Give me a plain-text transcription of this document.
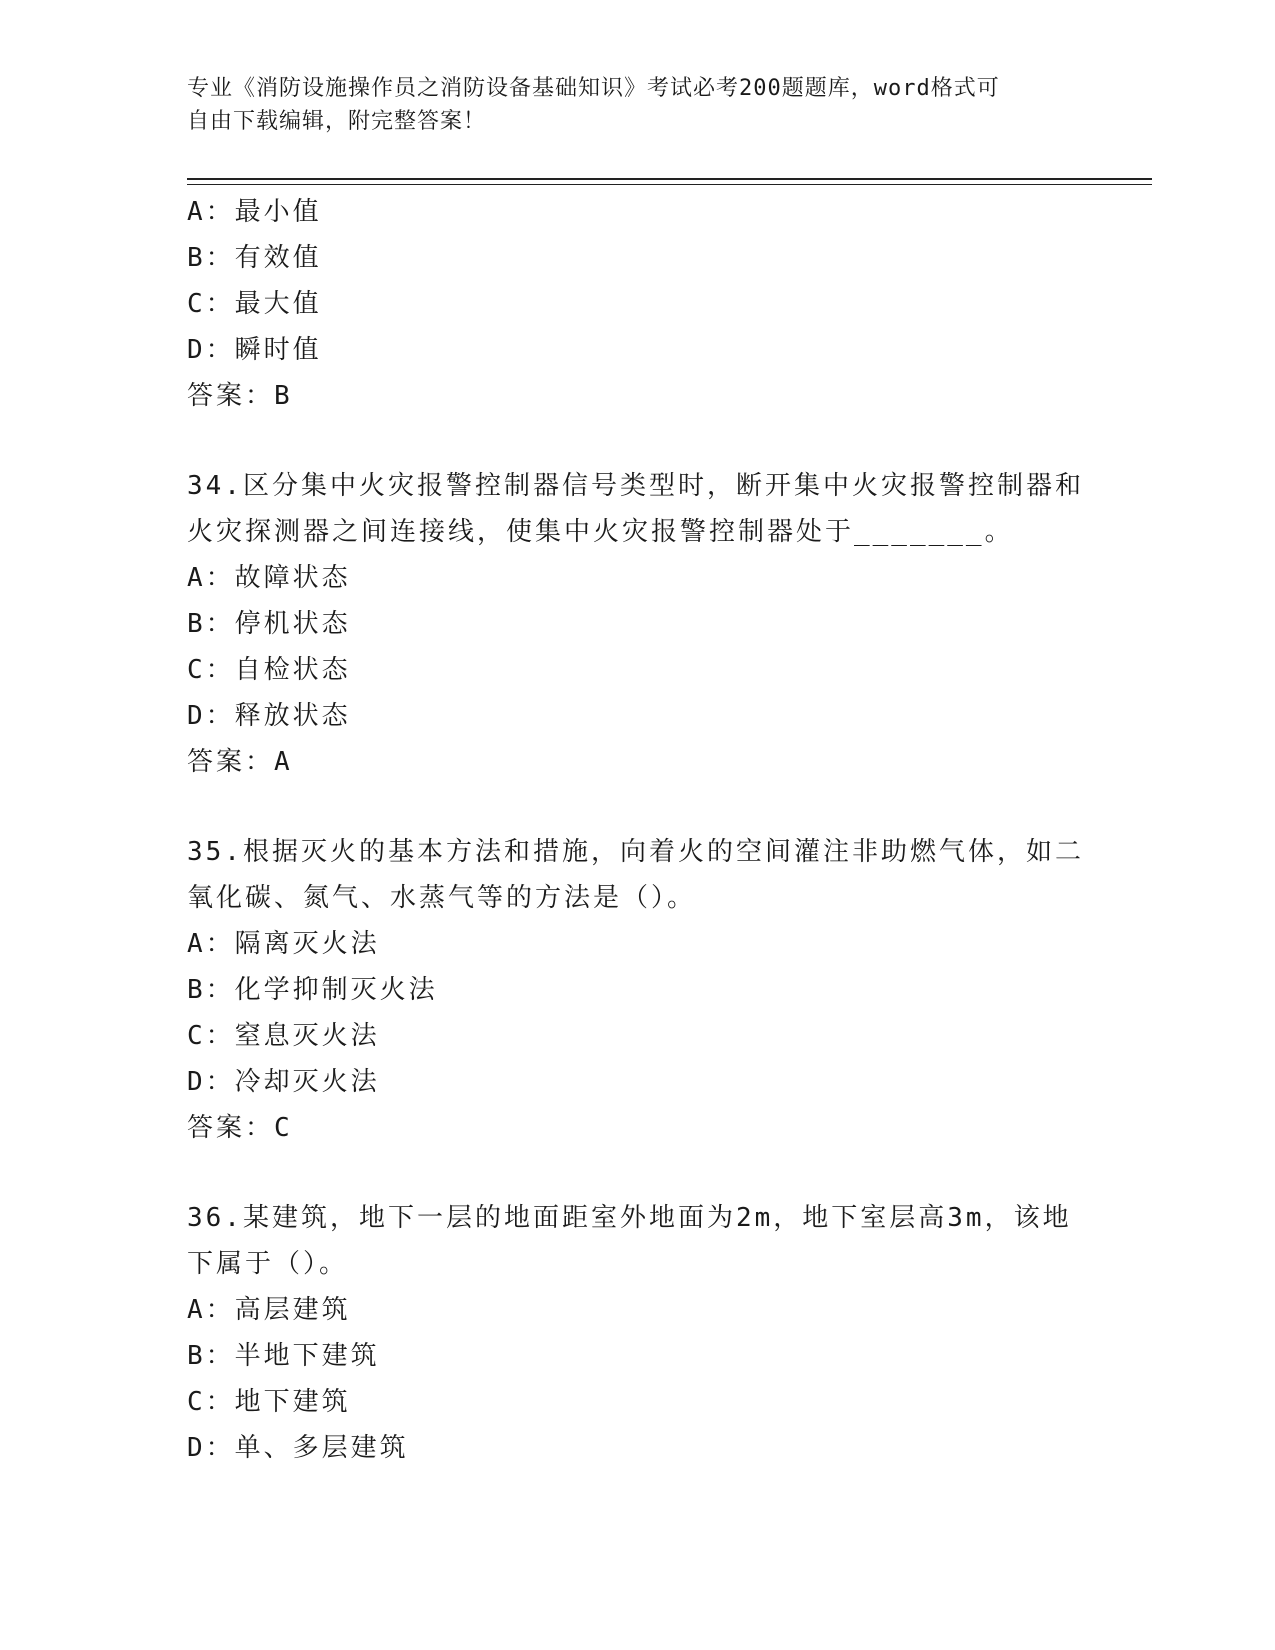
专业《消防设施操作员之消防设备基础知识》考试必考200题题库，word格式可
自由下载编辑，附完整答案！
A：最小值
B：有效值
C：最大值
D：瞬时值
答案：B
34.区分集中火灾报警控制器信号类型时，断开集中火灾报警控制器和
火灾探测器之间连接线，使集中火灾报警控制器处于_______。
A：故障状态
B：停机状态
C：自检状态
D：释放状态
答案：A
35.根据灭火的基本方法和措施，向着火的空间灌注非助燃气体，如二
氧化碳、氮气、水蒸气等的方法是（）。
A：隔离灭火法
B：化学抑制灭火法
C：窒息灭火法
D：冷却灭火法
答案：C
36.某建筑，地下一层的地面距室外地面为2m，地下室层高3m，该地
下属于（）。
A：高层建筑
B：半地下建筑
C：地下建筑
D：单、多层建筑
